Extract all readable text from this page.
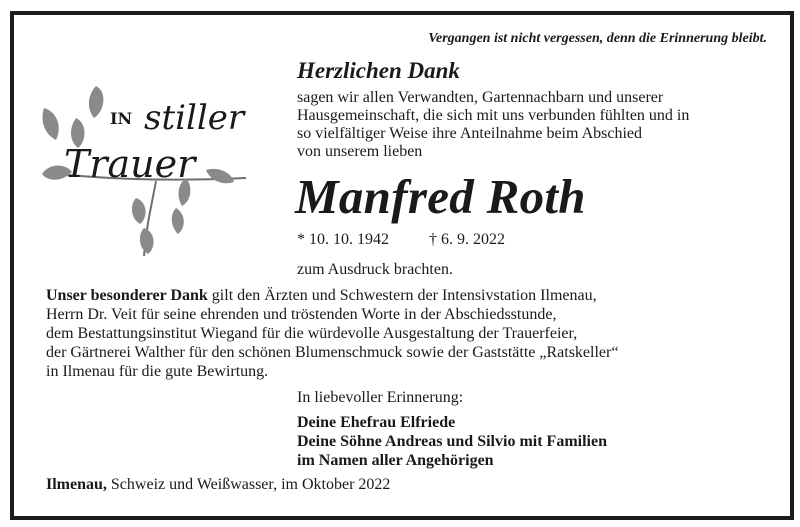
Vergangen ist nicht vergessen, denn die Erinnerung bleibt.
IN stiller
Trauer
Herzlichen Dank
sagen wir allen Verwandten, Gartennachbarn und unserer
Hausgemeinschaft, die sich mit uns verbunden fühlten und in
so vielfältiger Weise ihre Anteilnahme beim Abschied
von unserem lieben
Manfred Roth
* 10. 10. 1942	† 6. 9. 2022
zum Ausdruck brachten.
Unser besonderer Dank gilt den Ärzten und Schwestern der Intensivstation Ilmenau,
Herrn Dr. Veit für seine ehrenden und tröstenden Worte in der Abschiedsstunde,
dem Bestattungsinstitut Wiegand für die würdevolle Ausgestaltung der Trauerfeier,
der Gärtnerei Walther für den schönen Blumenschmuck sowie der Gaststätte „Ratskeller“
in Ilmenau für die gute Bewirtung.
In liebevoller Erinnerung:
Deine Ehefrau Elfriede
Deine Söhne Andreas und Silvio mit Familien
im Namen aller Angehörigen
Ilmenau, Schweiz und Weißwasser, im Oktober 2022
